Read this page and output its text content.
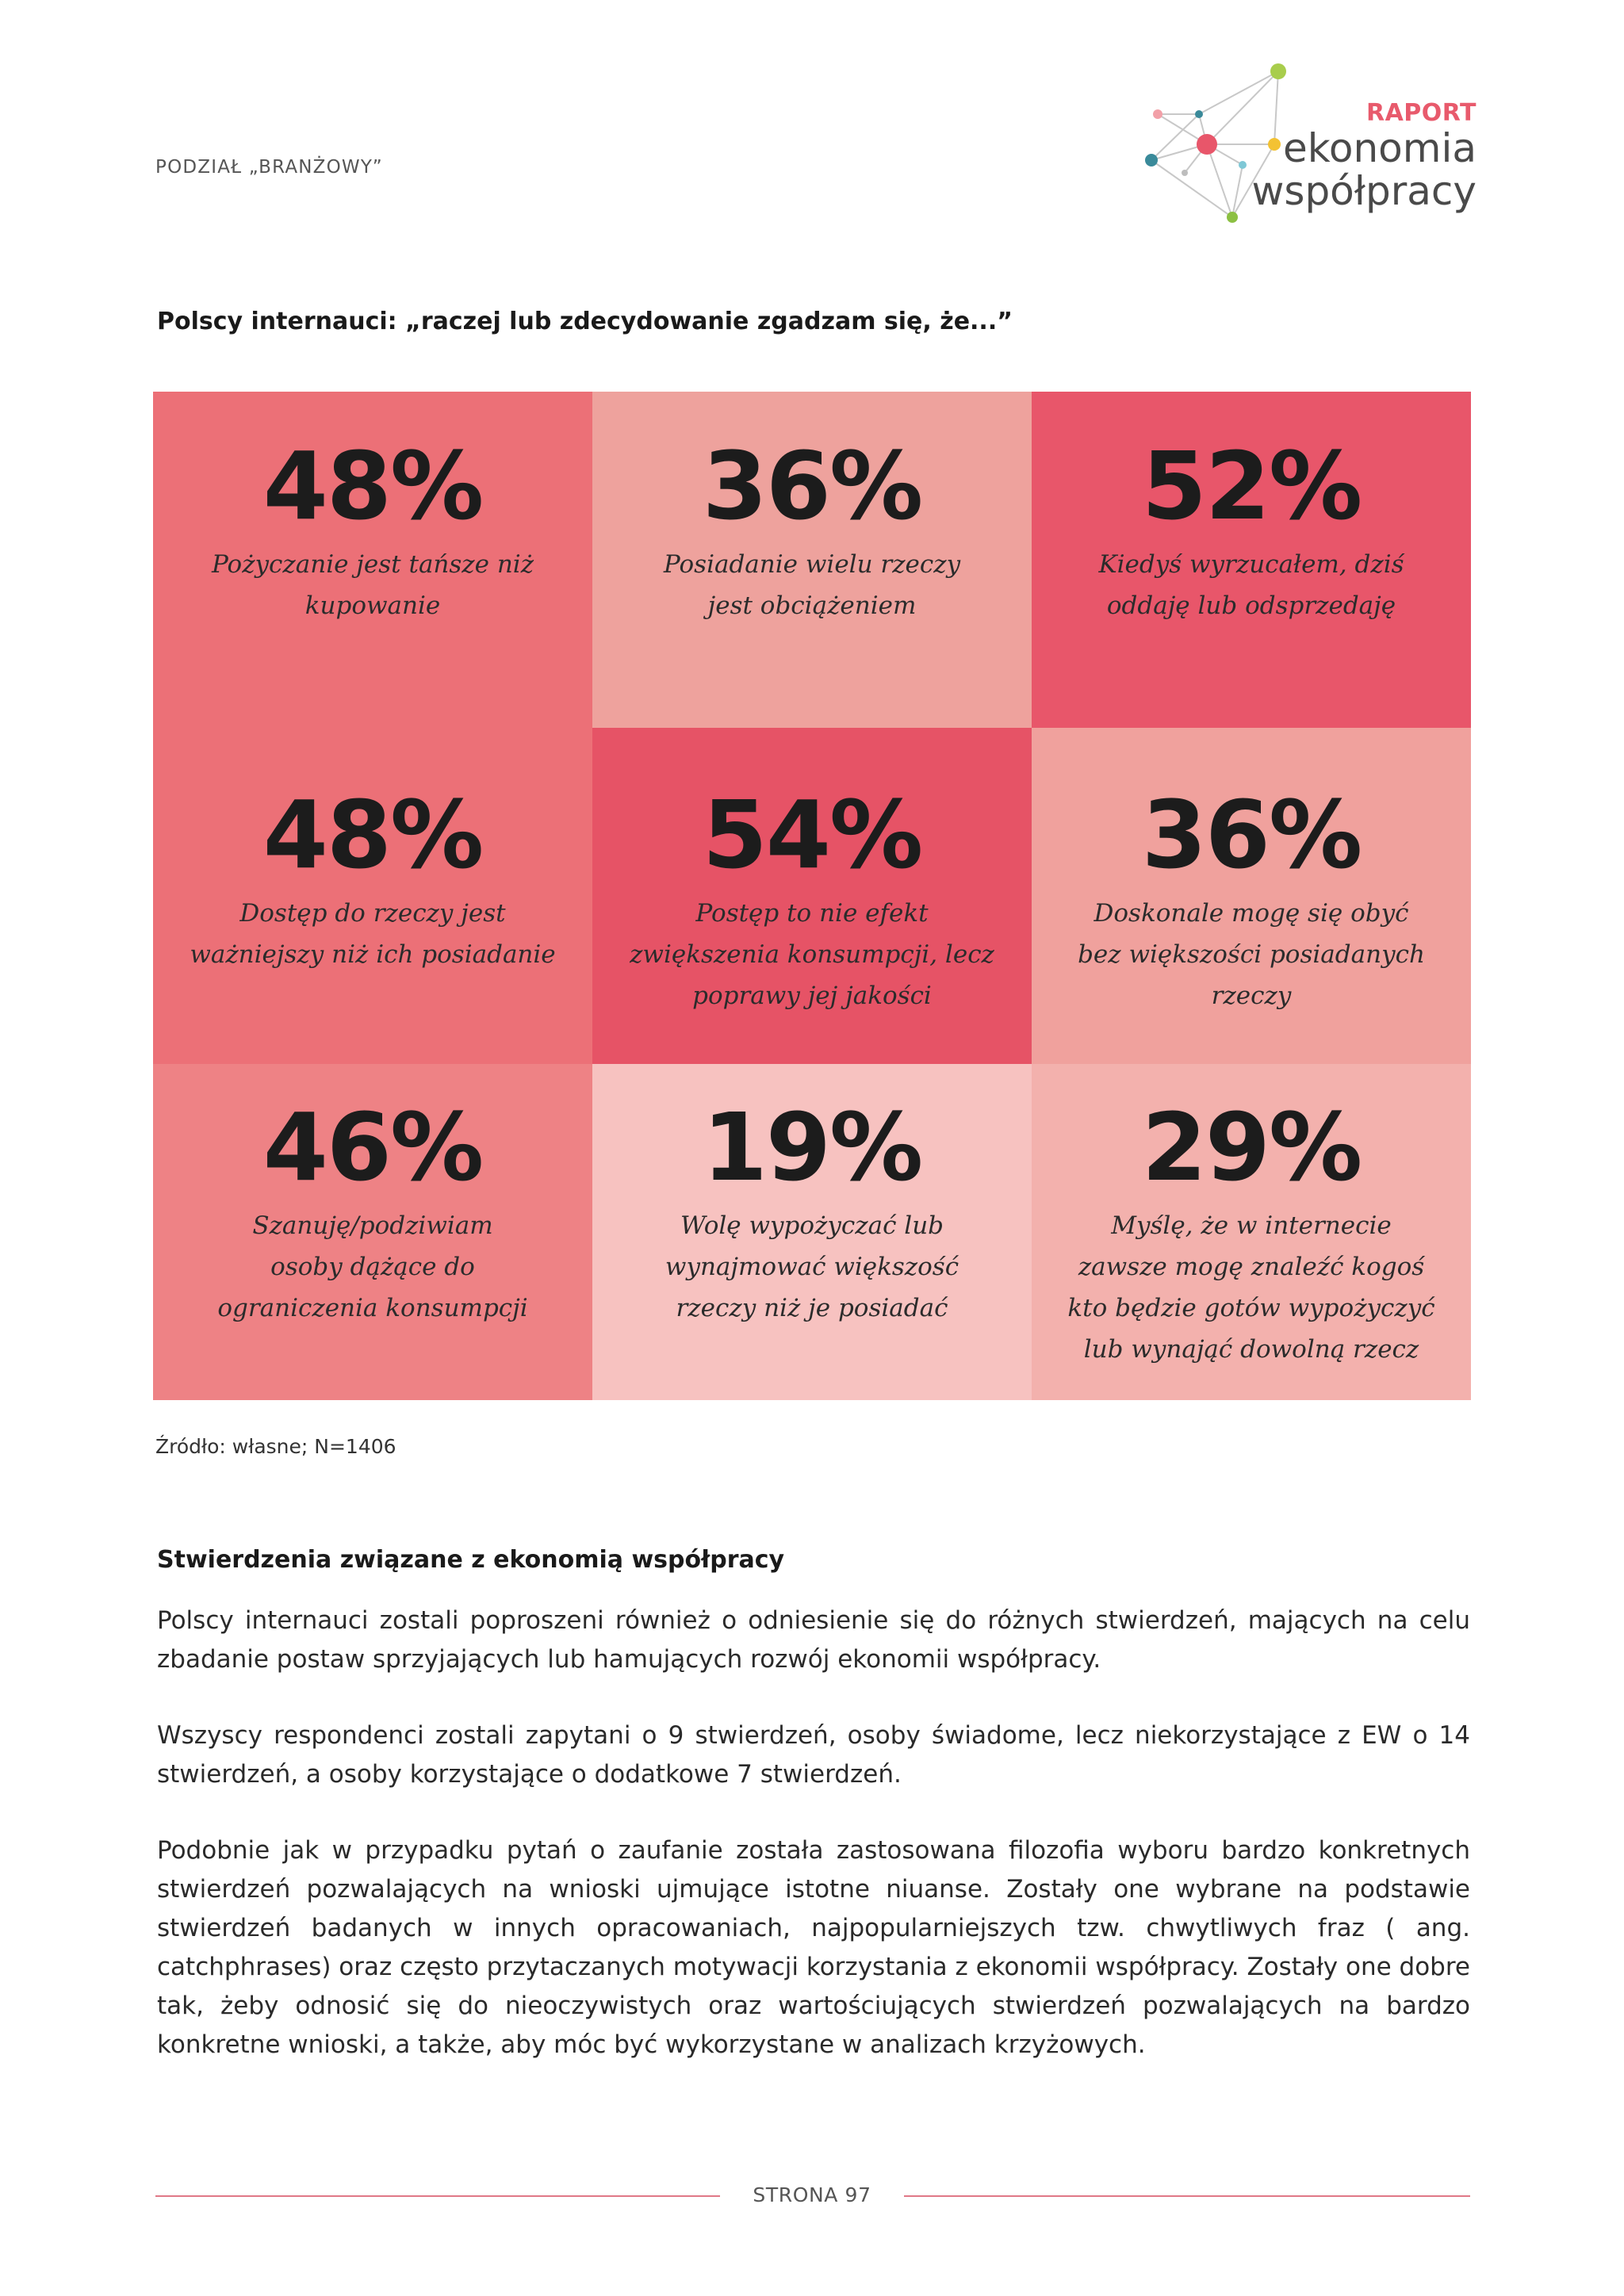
PODZIAŁ „BRANŻOWY”
RAPORT
ekonomia
współpracy
Polscy internauci: „raczej lub zdecydowanie zgadzam się, że...”
48%
Pożyczanie jest tańsze niż kupowanie
36%
Posiadanie wielu rzeczy jest obciążeniem
52%
Kiedyś wyrzucałem, dziś oddaję lub odsprzedaję
48%
Dostęp do rzeczy jest ważniejszy niż ich posiadanie
54%
Postęp to nie efekt zwiększenia konsumpcji, lecz poprawy jej jakości
36%
Doskonale mogę się obyć bez większości posiadanych rzeczy
46%
Szanuję/podziwiam osoby dążące do ograniczenia konsumpcji
19%
Wolę wypożyczać lub wynajmować większość rzeczy niż je posiadać
29%
Myślę, że w internecie zawsze mogę znaleźć kogoś kto będzie gotów wypożyczyć lub wynająć dowolną rzecz
Źródło: własne; N=1406
Stwierdzenia związane z ekonomią współpracy

Polscy internauci zostali poproszeni również o odniesienie się do różnych stwierdzeń, mających na celu zbadanie postaw sprzyjających lub hamujących rozwój ekonomii współpracy.

Wszyscy respondenci zostali zapytani o 9 stwierdzeń, osoby świadome, lecz niekorzystające z EW o 14 stwierdzeń, a osoby korzystające o dodatkowe 7 stwierdzeń.

Podobnie jak w przypadku pytań o zaufanie została zastosowana filozofia wyboru bardzo konkretnych stwierdzeń pozwalających na wnioski ujmujące istotne niuanse. Zostały one wybrane na podstawie stwierdzeń badanych w innych opracowaniach, najpopularniejszych tzw. chwytliwych fraz ( ang. catchphrases) oraz często przytaczanych motywacji korzystania z ekonomii współpracy. Zostały one dobre tak, żeby odnosić się do nieoczywistych oraz wartościujących stwierdzeń pozwalających na bardzo konkretne wnioski, a także, aby móc być wykorzystane w analizach krzyżowych.

STRONA 97
